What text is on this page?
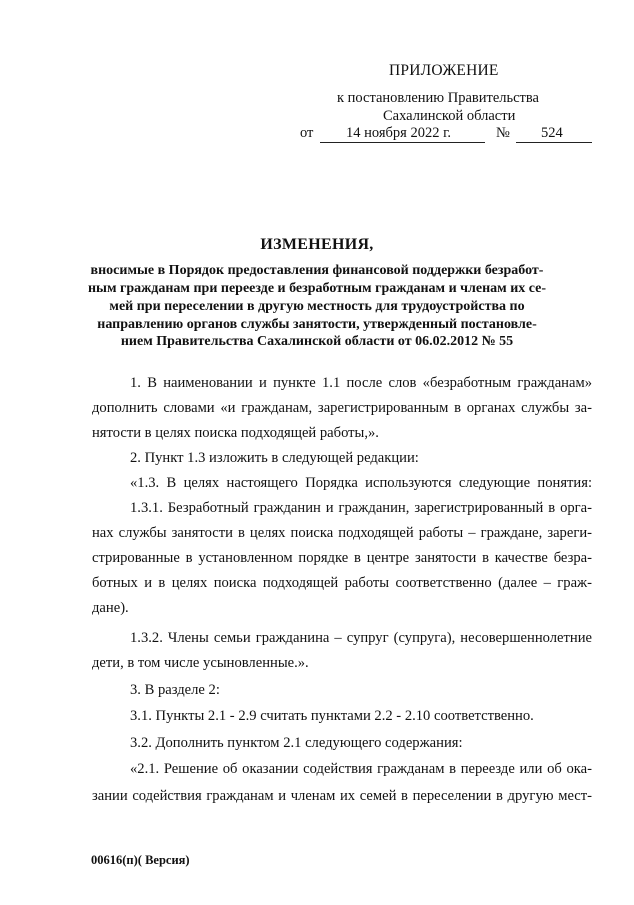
ПРИЛОЖЕНИЕ
к постановлению Правительства
Сахалинской области
от 14 ноября 2022 г.	№ 524
ИЗМЕНЕНИЯ,
вносимые в Порядок предоставления финансовой поддержки безработ-
ным гражданам при переезде и безработным гражданам и членам их се-
мей при переселении в другую местность для трудоустройства по
направлению органов службы занятости, утвержденный постановле-
нием Правительства Сахалинской области от 06.02.2012 № 55
1. В наименовании и пункте 1.1 после слов «безработным гражданам»
дополнить словами «и гражданам, зарегистрированным в органах службы за-
нятости в целях поиска подходящей работы,».
2. Пункт 1.3 изложить в следующей редакции:
«1.3. В целях настоящего Порядка используются следующие понятия:
1.3.1. Безработный гражданин и гражданин, зарегистрированный в орга-
нах службы занятости в целях поиска подходящей работы – граждане, зареги-
стрированные в установленном порядке в центре занятости в качестве безра-
ботных и в целях поиска подходящей работы соответственно (далее – граж-
дане).
1.3.2. Члены семьи гражданина – супруг (супруга), несовершеннолетние
дети, в том числе усыновленные.».
3. В разделе 2:
3.1. Пункты 2.1 - 2.9 считать пунктами 2.2 - 2.10 соответственно.
3.2. Дополнить пунктом 2.1 следующего содержания:
«2.1. Решение об оказании содействия гражданам в переезде или об ока-
зании содействия гражданам и членам их семей в переселении в другую мест-
00616(п)( Версия)
